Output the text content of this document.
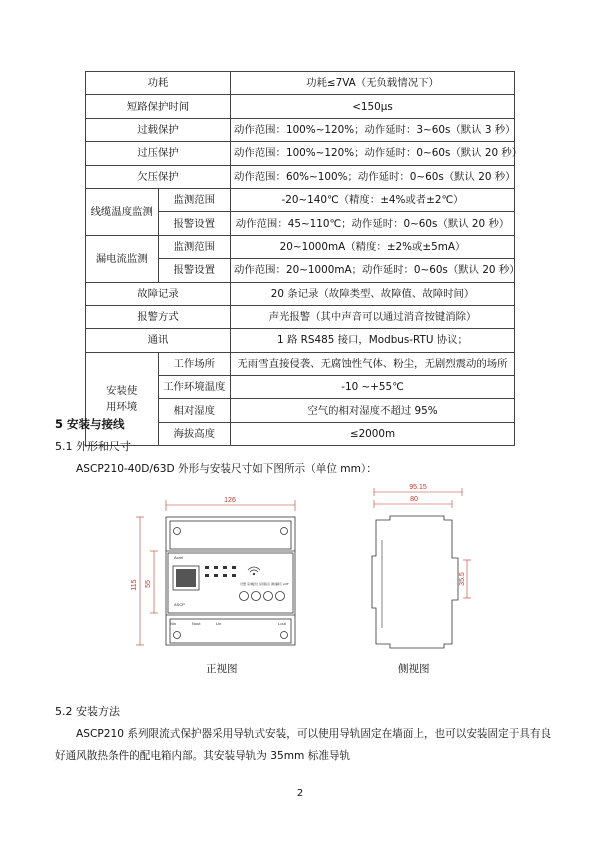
功耗		功耗≤7VA（无负载情况下）
短路保护时间		<150μs
过载保护		动作范围：100%~120%；动作延时：3~60s（默认 3 秒）
过压保护		动作范围：100%~120%；动作延时：0~60s（默认 20 秒）
欠压保护		动作范围：60%~100%；动作延时：0~60s（默认 20 秒）
线缆温度监测	监测范围	-20~140℃（精度：±4%或者±2℃）
	报警设置	动作范围：45~110℃；动作延时：0~60s（默认 20 秒）
漏电流监测	监测范围	20~1000mA（精度：±2%或±5mA）
	报警设置	动作范围：20~1000mA；动作延时：0~60s（默认 20 秒）
故障记录		20 条记录（故障类型、故障值、故障时间）
报警方式		声光报警（其中声音可以通过消音按键消除）
通讯		1 路 RS485 接口，Modbus-RTU 协议；
安装使
用环境	工作场所	无雨雪直接侵袭、无腐蚀性气体、粉尘，无剧烈震动的场所
	工作环境温度	-10 ~+55℃
	相对湿度	空气的相对湿度不超过 95%
	海拔高度	≤2000m
5 安装与接线
5.1 外形和尺寸
ASCP210-40D/63D 外形与安装尺寸如下图所示（单位 mm）：
126
115 55
Acrel
ASCP
设置 菜单 复位 返回 消音 确认 翻页 zoff
Nin	Nout	Lin	Lout
正视图
95.15
80
35.5
侧视图
5.2 安装方法
ASCP210 系列限流式保护器采用导轨式安装，可以使用导轨固定在墙面上，也可以安装固定于具有良
好通风散热条件的配电箱内部。其安装导轨为 35mm 标准导轨
2
